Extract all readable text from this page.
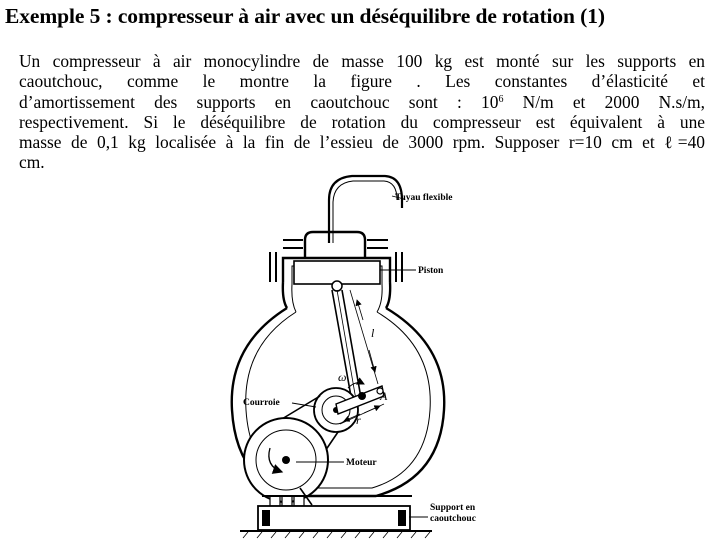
Exemple 5 : compresseur à air avec un déséquilibre de rotation (1)
Un compresseur à air monocylindre de masse 100 kg est monté sur les supports en
caoutchouc, comme le montre la figure . Les constantes d’élasticité et
d’amortissement des supports en caoutchouc sont : $10^6$ N/m et 2000 N.s/m,
respectivement. Si le déséquilibre de rotation du compresseur est équivalent à une
masse de 0,1 kg localisée à la fin de l’essieu de 3000 rpm. Supposer r=10 cm et ℓ=40
cm.
Tuyau flexible
Piston
Courroie
Moteur
Support en
caoutchouc
l
ω
r
A
